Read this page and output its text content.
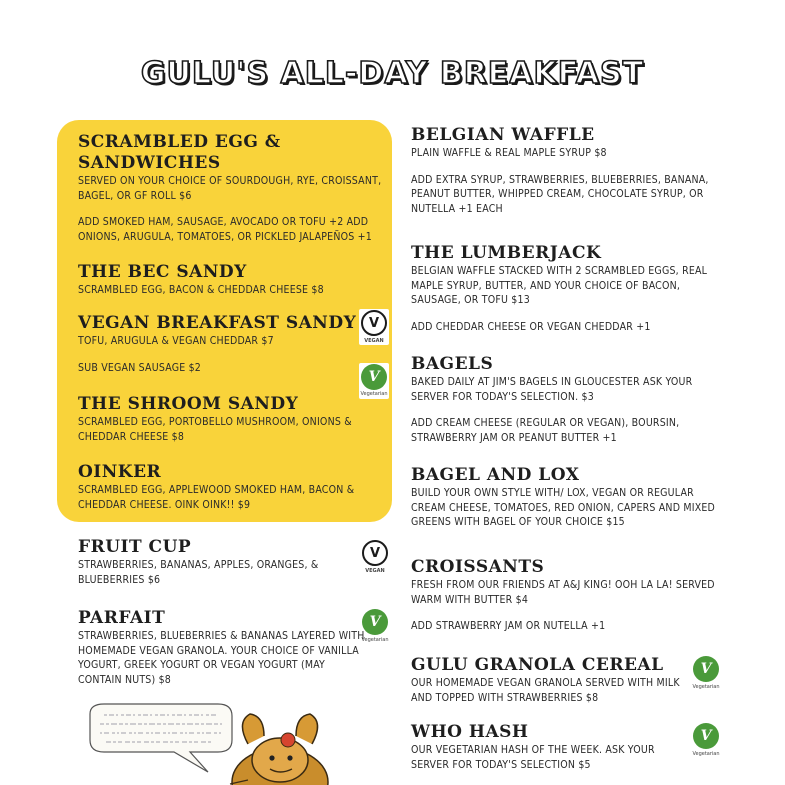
GULU'S ALL-DAY BREAKFAST
SCRAMBLED EGG & SANDWICHES
SERVED ON YOUR CHOICE OF SOURDOUGH, RYE, CROISSANT, BAGEL, OR GF ROLL $6
ADD SMOKED HAM, SAUSAGE, AVOCADO OR TOFU +2 ADD ONIONS, ARUGULA, TOMATOES, OR PICKLED JALAPEÑOS +1
THE BEC SANDY
SCRAMBLED EGG, BACON & CHEDDAR CHEESE $8
VEGAN BREAKFAST SANDY
TOFU, ARUGULA & VEGAN CHEDDAR $7
SUB VEGAN SAUSAGE $2
THE SHROOM SANDY
SCRAMBLED EGG, PORTOBELLO MUSHROOM, ONIONS & CHEDDAR CHEESE $8
OINKER
SCRAMBLED EGG, APPLEWOOD SMOKED HAM, BACON & CHEDDAR CHEESE. OINK OINK!! $9
FRUIT CUP
STRAWBERRIES, BANANAS, APPLES, ORANGES, & BLUEBERRIES $6
PARFAIT
STRAWBERRIES, BLUEBERRIES & BANANAS LAYERED WITH HOMEMADE VEGAN GRANOLA. YOUR CHOICE OF VANILLA YOGURT, GREEK YOGURT OR VEGAN YOGURT (MAY CONTAIN NUTS) $8
BELGIAN WAFFLE
PLAIN WAFFLE & REAL MAPLE SYRUP $8
ADD EXTRA SYRUP, STRAWBERRIES, BLUEBERRIES, BANANA, PEANUT BUTTER, WHIPPED CREAM, CHOCOLATE SYRUP, OR NUTELLA +1 EACH
THE LUMBERJACK
BELGIAN WAFFLE STACKED WITH 2 SCRAMBLED EGGS, REAL MAPLE SYRUP, BUTTER, AND YOUR CHOICE OF BACON, SAUSAGE, OR TOFU $13
ADD CHEDDAR CHEESE OR VEGAN CHEDDAR +1
BAGELS
BAKED DAILY AT JIM'S BAGELS IN GLOUCESTER ASK YOUR SERVER FOR TODAY'S SELECTION. $3
ADD CREAM CHEESE (REGULAR OR VEGAN), BOURSIN, STRAWBERRY JAM OR PEANUT BUTTER +1
BAGEL AND LOX
BUILD YOUR OWN STYLE WITH/ LOX, VEGAN OR REGULAR CREAM CHEESE, TOMATOES, RED ONION, CAPERS AND MIXED GREENS WITH BAGEL OF YOUR CHOICE $15
CROISSANTS
FRESH FROM OUR FRIENDS AT A&J KING! OOH LA LA! SERVED WARM WITH BUTTER $4
ADD STRAWBERRY JAM OR NUTELLA +1
GULU GRANOLA CEREAL
OUR HOMEMADE VEGAN GRANOLA SERVED WITH MILK AND TOPPED WITH STRAWBERRIES $8
WHO HASH
OUR VEGETARIAN HASH OF THE WEEK. ASK YOUR SERVER FOR TODAY'S SELECTION $5
V
VEGAN
V
Vegetarian
V
VEGAN
V
Vegetarian
V
Vegetarian
V
Vegetarian
